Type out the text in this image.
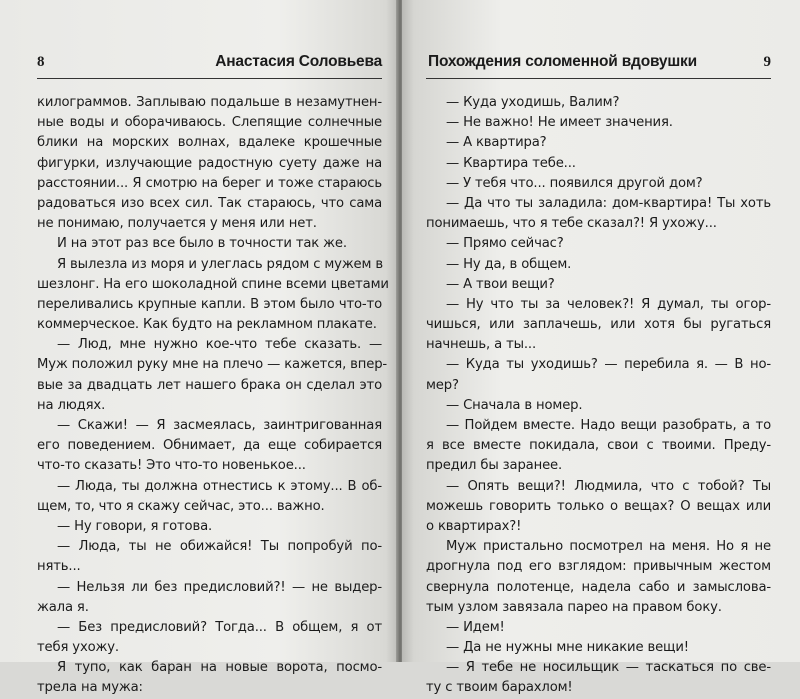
8	Анастасия Соловьева
килограммов. Заплываю подальше в незамутнен-
ные воды и оборачиваюсь. Слепящие солнечные
блики на морских волнах, вдалеке крошечные
фигурки, излучающие радостную суету даже на
расстоянии... Я смотрю на берег и тоже стараюсь
радоваться изо всех сил. Так стараюсь, что сама
не понимаю, получается у меня или нет.
И на этот раз все было в точности так же.
Я вылезла из моря и улеглась рядом с мужем в
шезлонг. На его шоколадной спине всеми цветами
переливались крупные капли. В этом было что-то
коммерческое. Как будто на рекламном плакате.
— Люд, мне нужно кое-что тебе сказать. —
Муж положил руку мне на плечо — кажется, впер-
вые за двадцать лет нашего брака он сделал это
на людях.
— Скажи! — Я засмеялась, заинтригованная
его поведением. Обнимает, да еще собирается
что-то сказать! Это что-то новенькое...
— Люда, ты должна отнестись к этому... В об-
щем, то, что я скажу сейчас, это... важно.
— Ну говори, я готова.
— Люда, ты не обижайся! Ты попробуй по-
нять...
— Нельзя ли без предисловий?! — не выдер-
жала я.
— Без предисловий? Тогда... В общем, я от
тебя ухожу.
Я тупо, как баран на новые ворота, посмо-
трела на мужа:
Похождения соломенной вдовушки	9
— Куда уходишь, Валим?
— Не важно! Не имеет значения.
— А квартира?
— Квартира тебе...
— У тебя что... появился другой дом?
— Да что ты заладила: дом-квартира! Ты хоть
понимаешь, что я тебе сказал?! Я ухожу...
— Прямо сейчас?
— Ну да, в общем.
— А твои вещи?
— Ну что ты за человек?! Я думал, ты огор-
чишься, или заплачешь, или хотя бы ругаться
начнешь, а ты...
— Куда ты уходишь? — перебила я. — В но-
мер?
— Сначала в номер.
— Пойдем вместе. Надо вещи разобрать, а то
я все вместе покидала, свои с твоими. Преду-
предил бы заранее.
— Опять вещи?! Людмила, что с тобой? Ты
можешь говорить только о вещах? О вещах или
о квартирах?!
Муж пристально посмотрел на меня. Но я не
дрогнула под его взглядом: привычным жестом
свернула полотенце, надела сабо и замыслова-
тым узлом завязала парео на правом боку.
— Идем!
— Да не нужны мне никакие вещи!
— Я тебе не носильщик — таскаться по све-
ту с твоим барахлом!
